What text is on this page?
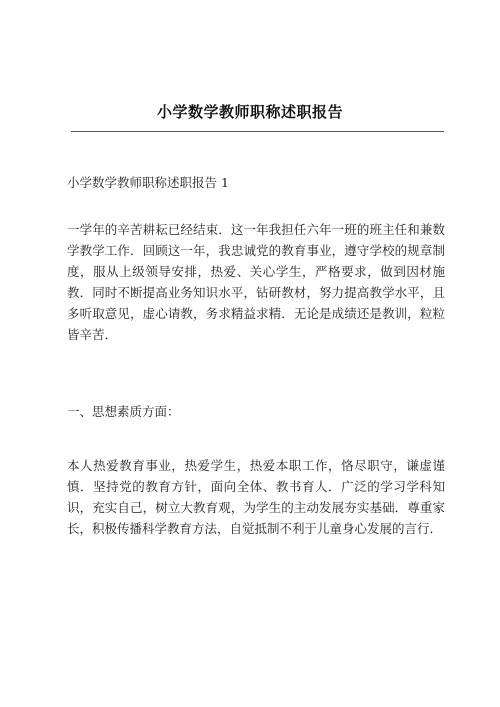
小学数学教师职称述职报告

小学数学教师职称述职报告 1

一学年的辛苦耕耘已经结束．这一年我担任六年一班的班主任和兼数学教学工作．回顾这一年，我忠诚党的教育事业，遵守学校的规章制度，服从上级领导安排，热爱、关心学生，严格要求，做到因材施教．同时不断提高业务知识水平，钻研教材，努力提高教学水平，且多听取意见，虚心请教，务求精益求精．无论是成绩还是教训，粒粒皆辛苦．

一、思想素质方面：

本人热爱教育事业，热爱学生，热爱本职工作，恪尽职守，谦虚谨慎．坚持党的教育方针，面向全体、教书育人．广泛的学习学科知识，充实自己，树立大教育观，为学生的主动发展夯实基础．尊重家长，积极传播科学教育方法，自觉抵制不利于儿童身心发展的言行．
